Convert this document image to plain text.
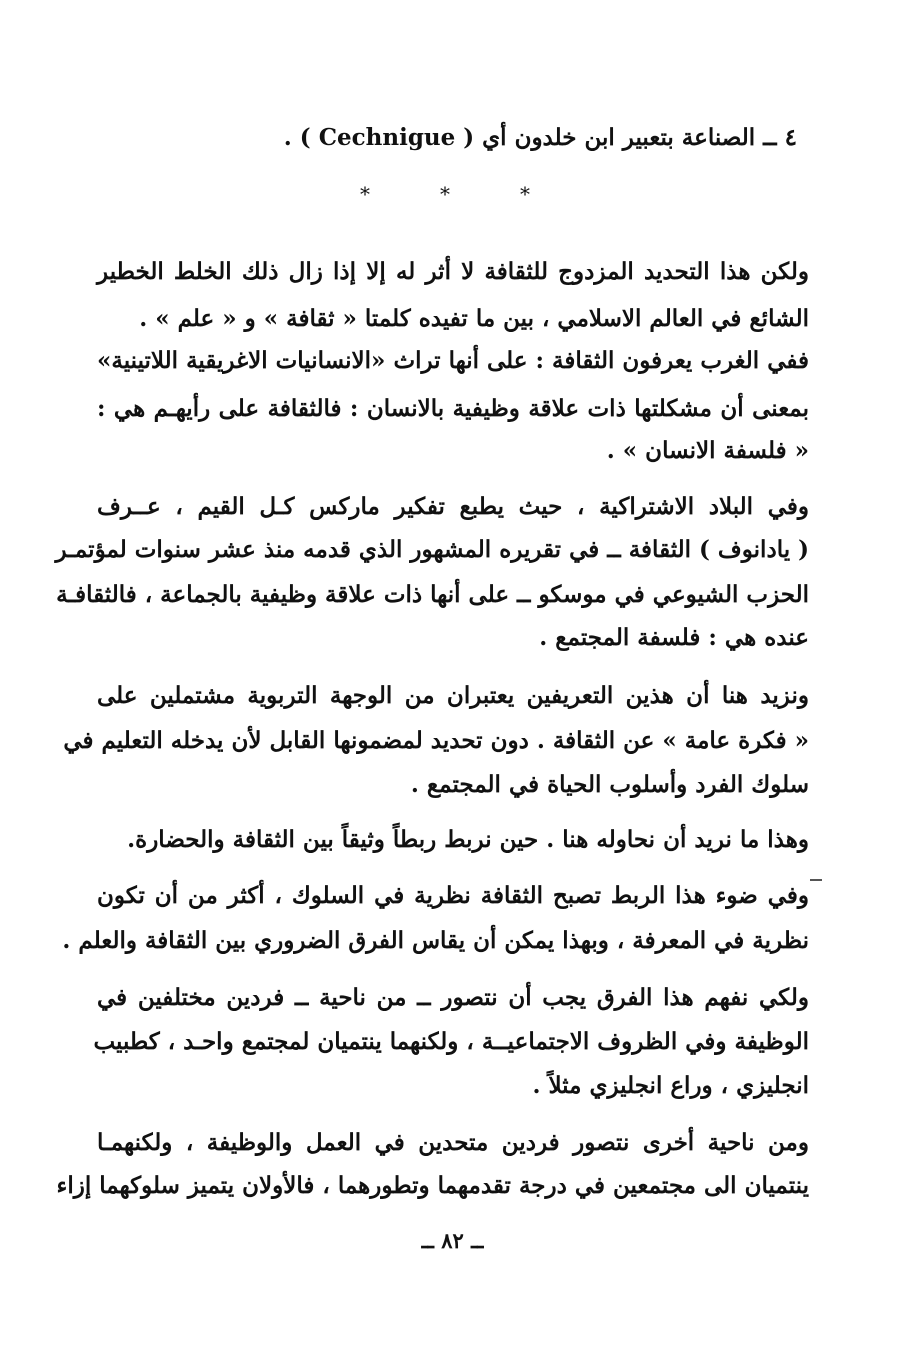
٤ ــ الصناعة بتعبير ابن خلدون أي ( Cechnigue ) .
*	*	*
ولكن هذا التحديد المزدوج للثقافة لا أثر له إلا إذا زال ذلك الخلط الخطير
الشائع في العالم الاسلامي ، بين ما تفيده كلمتا « ثقافة » و « علم » .
ففي الغرب يعرفون الثقافة : على أنها تراث «الانسانيات الاغريقية اللاتينية»
بمعنى أن مشكلتها ذات علاقة وظيفية بالانسان : فالثقافة على رأيهـم هي :
« فلسفة الانسان » .
وفي البلاد الاشتراكية ، حيث يطبع تفكير ماركس كـل القيم ، عــرف
( يادانوف ) الثقافة ــ في تقريره المشهور الذي قدمه منذ عشر سنوات لمؤتمـر
الحزب الشيوعي في موسكو ــ على أنها ذات علاقة وظيفية بالجماعة ، فالثقافـة
عنده هي : فلسفة المجتمع .
ونزيد هنا أن هذين التعريفين يعتبران من الوجهة التربوية مشتملين على
« فكرة عامة » عن الثقافة . دون تحديد لمضمونها القابل لأن يدخله التعليم في
سلوك الفرد وأسلوب الحياة في المجتمع .
وهذا ما نريد أن نحاوله هنا . حين نربط ربطاً وثيقاً بين الثقافة والحضارة.
وفي ضوء هذا الربط تصبح الثقافة نظرية في السلوك ، أكثر من أن تكون
نظرية في المعرفة ، وبهذا يمكن أن يقاس الفرق الضروري بين الثقافة والعلم .
ولكي نفهم هذا الفرق يجب أن نتصور ــ من ناحية ــ فردين مختلفين في
الوظيفة وفي الظروف الاجتماعيــة ، ولكنهما ينتميان لمجتمع واحـد ، كطبيب
انجليزي ، وراع انجليزي مثلاً .
ومن ناحية أخرى نتصور فردين متحدين في العمل والوظيفة ، ولكنهمـا
ينتميان الى مجتمعين في درجة تقدمهما وتطورهما ، فالأولان يتميز سلوكهما إزاء
ــ ٨٢ ــ
